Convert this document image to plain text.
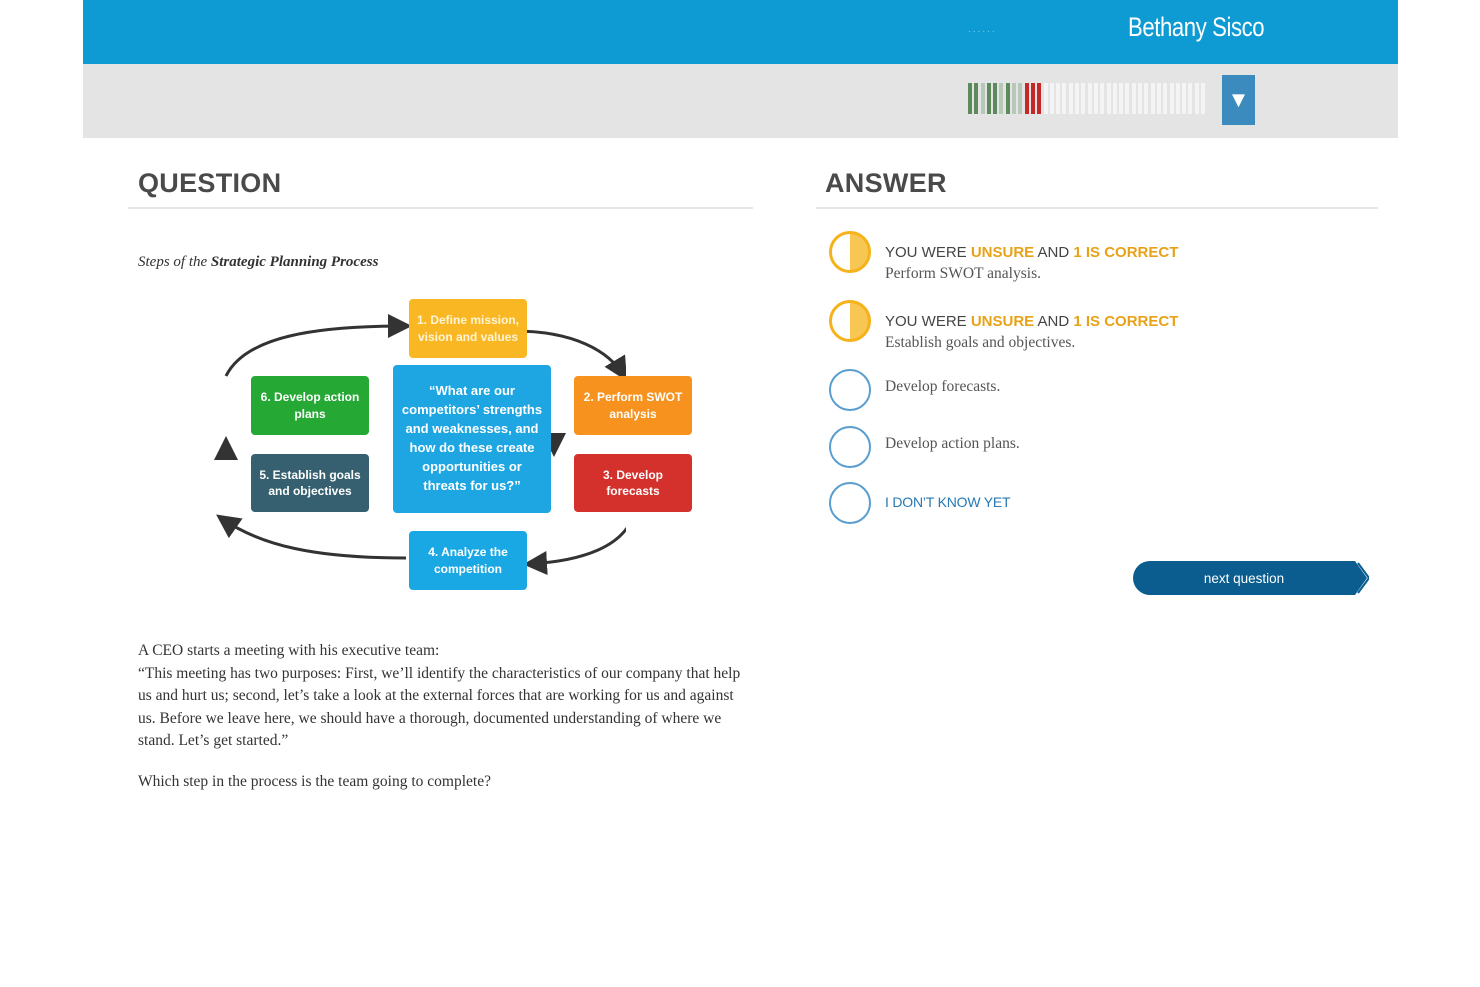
......	Bethany Sisco
▼
QUESTION
Steps of the Strategic Planning Process
1. Define mission, vision and values
2. Perform SWOT analysis
3. Develop forecasts
4. Analyze the competition
5. Establish goals and objectives
6. Develop action plans
“What are our competitors’ strengths and weaknesses, and how do these create opportunities or threats for us?”

A CEO starts a meeting with his executive team:

“This meeting has two purposes: First, we’ll identify the characteristics of our company that help us and hurt us; second, let’s take a look at the external forces that are working for us and against us. Before we leave here, we should have a thorough, documented understanding of where we stand. Let’s get started.”

Which step in the process is the team going to complete?
ANSWER
YOU WERE UNSURE AND 1 IS CORRECT
Perform SWOT analysis.
YOU WERE UNSURE AND 1 IS CORRECT
Establish goals and objectives.
Develop forecasts.
Develop action plans.
I DON’T KNOW YET
next question
